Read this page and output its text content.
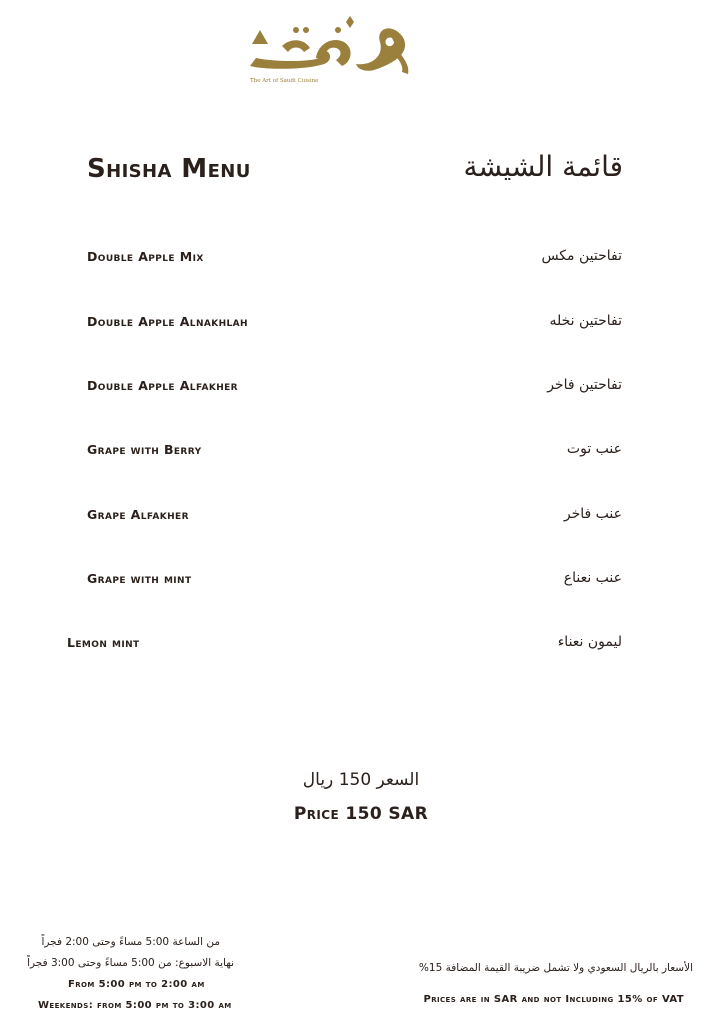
The Art of Saudi Cuisine
Shisha Menu	قائمة الشيشة
Double Apple Mix	تفاحتين مكس
Double Apple Alnakhlah	تفاحتين نخله
Double Apple Alfakher	تفاحتين فاخر
Grape with Berry	عنب توت
Grape Alfakher	عنب فاخر
Grape with mint	عنب نعناع
Lemon mint	ليمون نعناء
السعر 150 ريال
Price 150 SAR
من الساعة 5:00 مساءً وحتى 2:00 فجراً
نهاية الاسبوع: من 5:00 مساءً وحتى 3:00 فجراً
From 5:00 pm to 2:00 am
Weekends: from 5:00 pm to 3:00 am
الأسعار بالريال السعودي ولا تشمل ضريبة القيمة المضافة 15%
Prices are in SAR and not Including 15% of VAT
